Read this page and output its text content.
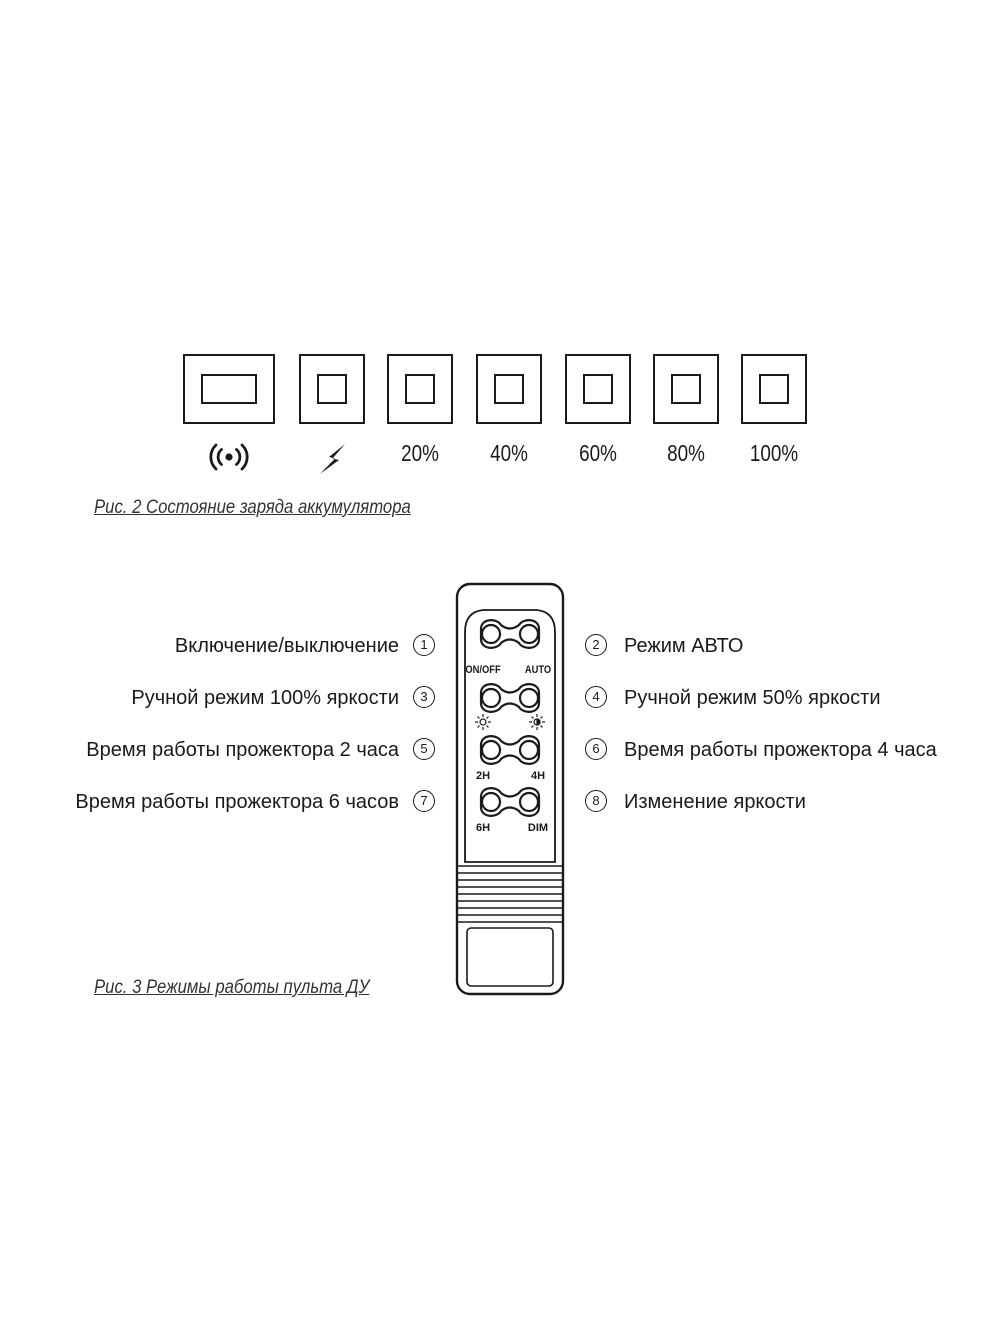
20%	40%	60%	80%	100%
Рис. 2 Состояние заряда аккумулятора
ON/OFF	AUTO
2H	4H
6H	DIM
Включение/выключение	1
Ручной режим 100% яркости	3
Время работы прожектора 2 часа	5
Время работы прожектора 6 часов	7
2	Режим АВТО
4	Ручной режим 50% яркости
6	Время работы прожектора 4 часа
8	Изменение яркости
Рис. 3 Режимы работы пульта ДУ
